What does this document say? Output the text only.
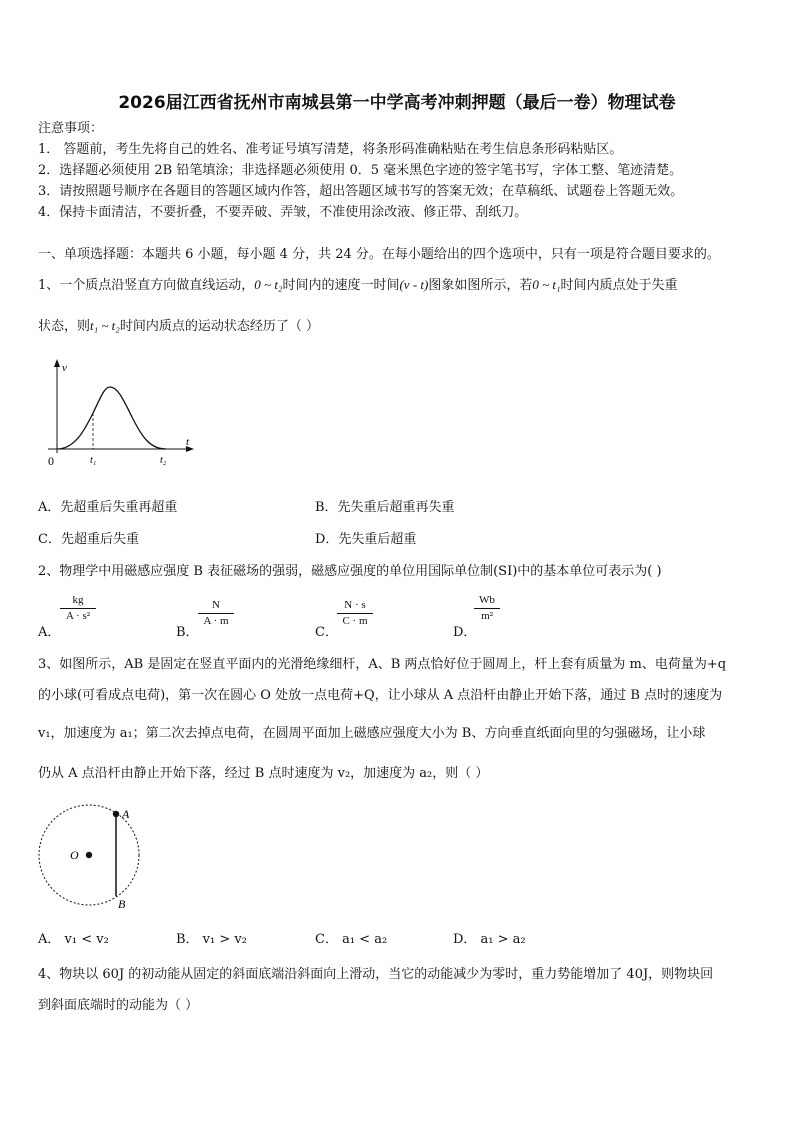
2026届江西省抚州市南城县第一中学高考冲刺押题（最后一卷）物理试卷
注意事项：
1． 答题前，考生先将自己的姓名、准考证号填写清楚，将条形码准确粘贴在考生信息条形码粘贴区。
2．选择题必须使用 2B 铅笔填涂；非选择题必须使用 0．5 毫米黑色字迹的签字笔书写，字体工整、笔迹清楚。
3．请按照题号顺序在各题目的答题区域内作答，超出答题区域书写的答案无效；在草稿纸、试题卷上答题无效。
4．保持卡面清洁，不要折叠，不要弄破、弄皱，不准使用涂改液、修正带、刮纸刀。
一、单项选择题：本题共 6 小题，每小题 4 分，共 24 分。在每小题给出的四个选项中，只有一项是符合题目要求的。
1、一个质点沿竖直方向做直线运动，0 ~ t₂时间内的速度一时间(v - t)图象如图所示，若0 ~ t₁时间内质点处于失重
状态，则t₁ ~ t₂时间内质点的运动状态经历了（ ）
v
t
0	t₁	t₂
A．先超重后失重再超重	B．先失重后超重再失重
C．先超重后失重	D．先失重后超重
2、物理学中用磁感应强度 B 表征磁场的强弱，磁感应强度的单位用国际单位制(SI)中的基本单位可表示为( )
A．
$\frac{kg}{\text{A · s²}}$
B．
$\frac{N}{A \cdot m}$
C．
$\frac{N \cdot s}{C \cdot m}$
D．
$\frac{Wb}{\text{m²}}$
3、如图所示，AB 是固定在竖直平面内的光滑绝缘细杆，A、B 两点恰好位于圆周上，杆上套有质量为 m、电荷量为+q
的小球(可看成点电荷)，第一次在圆心 O 处放一点电荷+Q，让小球从 A 点沿杆由静止开始下落，通过 B 点时的速度为
v₁，加速度为 a₁；第二次去掉点电荷，在圆周平面加上磁感应强度大小为 B、方向垂直纸面向里的匀强磁场，让小球
仍从 A 点沿杆由静止开始下落，经过 B 点时速度为 v₂，加速度为 a₂，则（ ）
A
B
O
A． v₁ < v₂	B． v₁ > v₂	C． a₁ < a₂	D． a₁ > a₂
4、物块以 60J 的初动能从固定的斜面底端沿斜面向上滑动，当它的动能减少为零时，重力势能增加了 40J，则物块回
到斜面底端时的动能为（ ）
